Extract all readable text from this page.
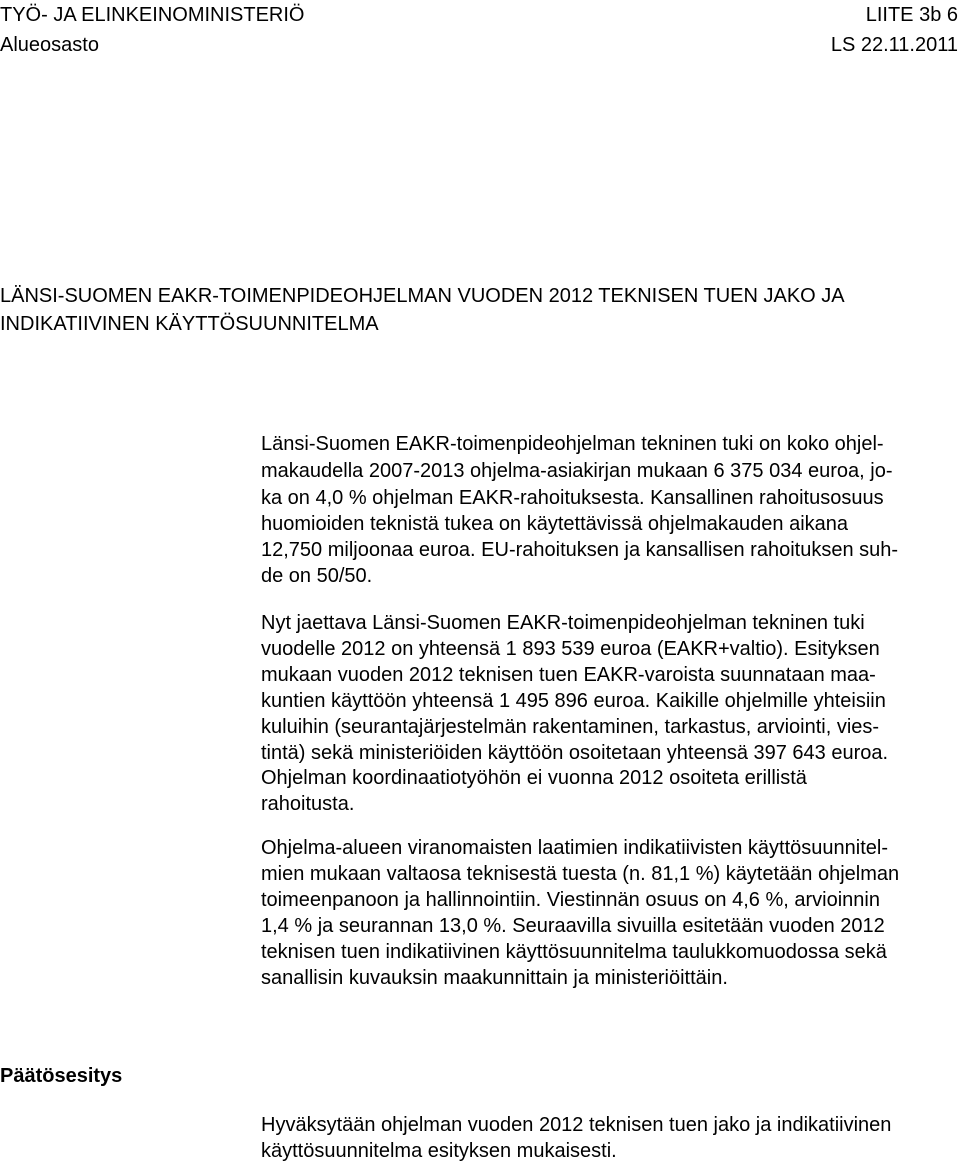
TYÖ- JA ELINKEINOMINISTERIÖ
Alueosasto
LIITE 3b 6
LS 22.11.2011
LÄNSI-SUOMEN EAKR-TOIMENPIDEOHJELMAN VUODEN 2012 TEKNISEN TUEN JAKO JA
INDIKATIIVINEN KÄYTTÖSUUNNITELMA
Länsi-Suomen EAKR-toimenpideohjelman tekninen tuki on koko ohjel-
makaudella 2007-2013 ohjelma-asiakirjan mukaan 6 375 034 euroa, jo-
ka on 4,0 % ohjelman EAKR-rahoituksesta. Kansallinen rahoitusosuus
huomioiden teknistä tukea on käytettävissä ohjelmakauden aikana
12,750 miljoonaa euroa. EU-rahoituksen ja kansallisen rahoituksen suh-
de on 50/50.
Nyt jaettava Länsi-Suomen EAKR-toimenpideohjelman tekninen tuki
vuodelle 2012 on yhteensä 1 893 539 euroa (EAKR+valtio). Esityksen
mukaan vuoden 2012 teknisen tuen EAKR-varoista suunnataan maa-
kuntien käyttöön yhteensä 1 495 896 euroa. Kaikille ohjelmille yhteisiin
kuluihin (seurantajärjestelmän rakentaminen, tarkastus, arviointi, vies-
tintä) sekä ministeriöiden käyttöön osoitetaan yhteensä 397 643 euroa.
Ohjelman koordinaatiotyöhön ei vuonna 2012 osoiteta erillistä
rahoitusta.
Ohjelma-alueen viranomaisten laatimien indikatiivisten käyttösuunnitel-
mien mukaan valtaosa teknisestä tuesta (n. 81,1 %) käytetään ohjelman
toimeenpanoon ja hallinnointiin. Viestinnän osuus on 4,6 %, arvioinnin
1,4 % ja seurannan 13,0 %. Seuraavilla sivuilla esitetään vuoden 2012
teknisen tuen indikatiivinen käyttösuunnitelma taulukkomuodossa sekä
sanallisin kuvauksin maakunnittain ja ministeriöittäin.
Päätösesitys
Hyväksytään ohjelman vuoden 2012 teknisen tuen jako ja indikatiivinen
käyttösuunnitelma esityksen mukaisesti.
